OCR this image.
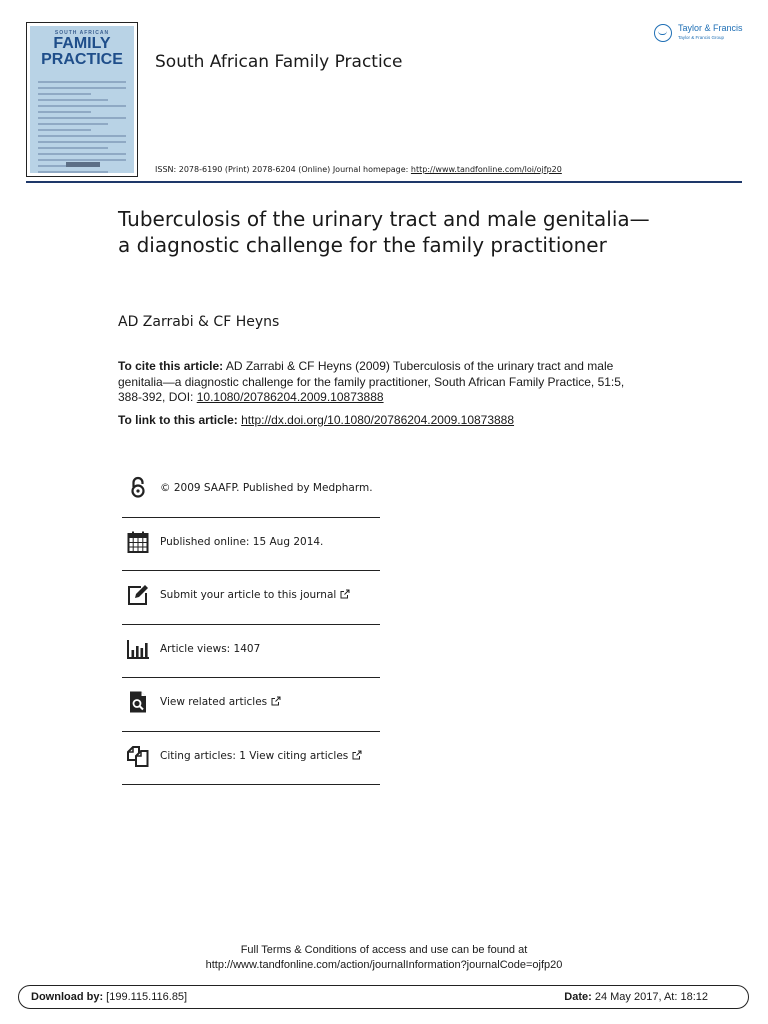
SOUTH AFRICAN
FAMILY
PRACTICE	South African Family Practice
ISSN: 2078-6190 (Print) 2078-6204 (Online) Journal homepage: http://www.tandfonline.com/loi/ojfp20
Taylor & Francis
Taylor & Francis Group
Tuberculosis of the urinary tract and male genitalia—a diagnostic challenge for the family practitioner
AD Zarrabi & CF Heyns
To cite this article: AD Zarrabi & CF Heyns (2009) Tuberculosis of the urinary tract and male genitalia—a diagnostic challenge for the family practitioner, South African Family Practice, 51:5, 388-392, DOI: 10.1080/20786204.2009.10873888
To link to this article: http://dx.doi.org/10.1080/20786204.2009.10873888
© 2009 SAAFP. Published by Medpharm.
Published online: 15 Aug 2014.
Submit your article to this journal
Article views: 1407
View related articles
Citing articles: 1 View citing articles
Full Terms & Conditions of access and use can be found at
http://www.tandfonline.com/action/journalInformation?journalCode=ojfp20
Download by: [199.115.116.85]	Date: 24 May 2017, At: 18:12
